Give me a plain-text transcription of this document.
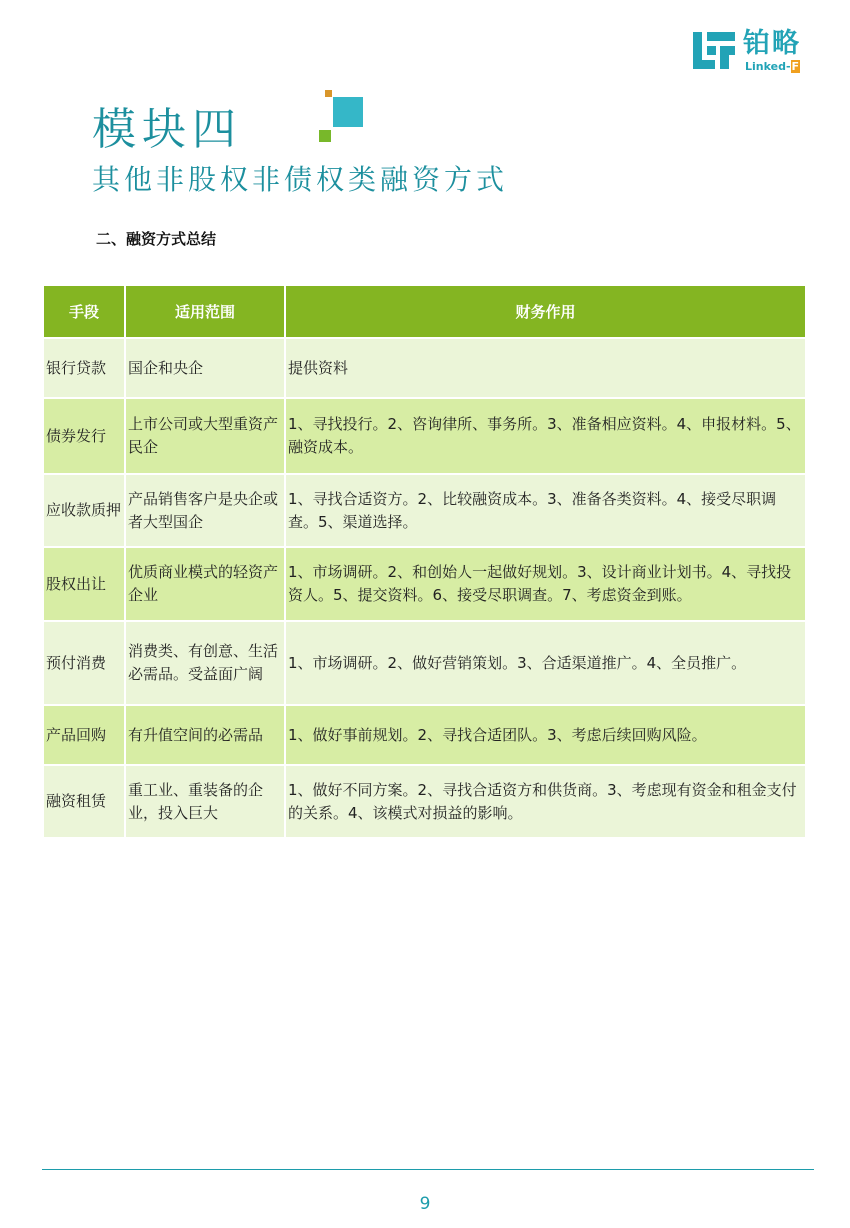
铂略
Linked-F
模块四
其他非股权非债权类融资方式
二、融资方式总结
手段	适用范围	财务作用
银行贷款	国企和央企	提供资料
债券发行	上市公司或大型重资产民企	1、寻找投行。2、咨询律所、事务所。3、准备相应资料。4、申报材料。5、融资成本。
应收款质押	产品销售客户是央企或者大型国企	1、寻找合适资方。2、比较融资成本。3、准备各类资料。4、接受尽职调查。5、渠道选择。
股权出让	优质商业模式的轻资产企业	1、市场调研。2、和创始人一起做好规划。3、设计商业计划书。4、寻找投资人。5、提交资料。6、接受尽职调查。7、考虑资金到账。
预付消费	消费类、有创意、生活必需品。受益面广阔	1、市场调研。2、做好营销策划。3、合适渠道推广。4、全员推广。
产品回购	有升值空间的必需品	1、做好事前规划。2、寻找合适团队。3、考虑后续回购风险。
融资租赁	重工业、重装备的企业，投入巨大	1、做好不同方案。2、寻找合适资方和供货商。3、考虑现有资金和租金支付的关系。4、该模式对损益的影响。
9
